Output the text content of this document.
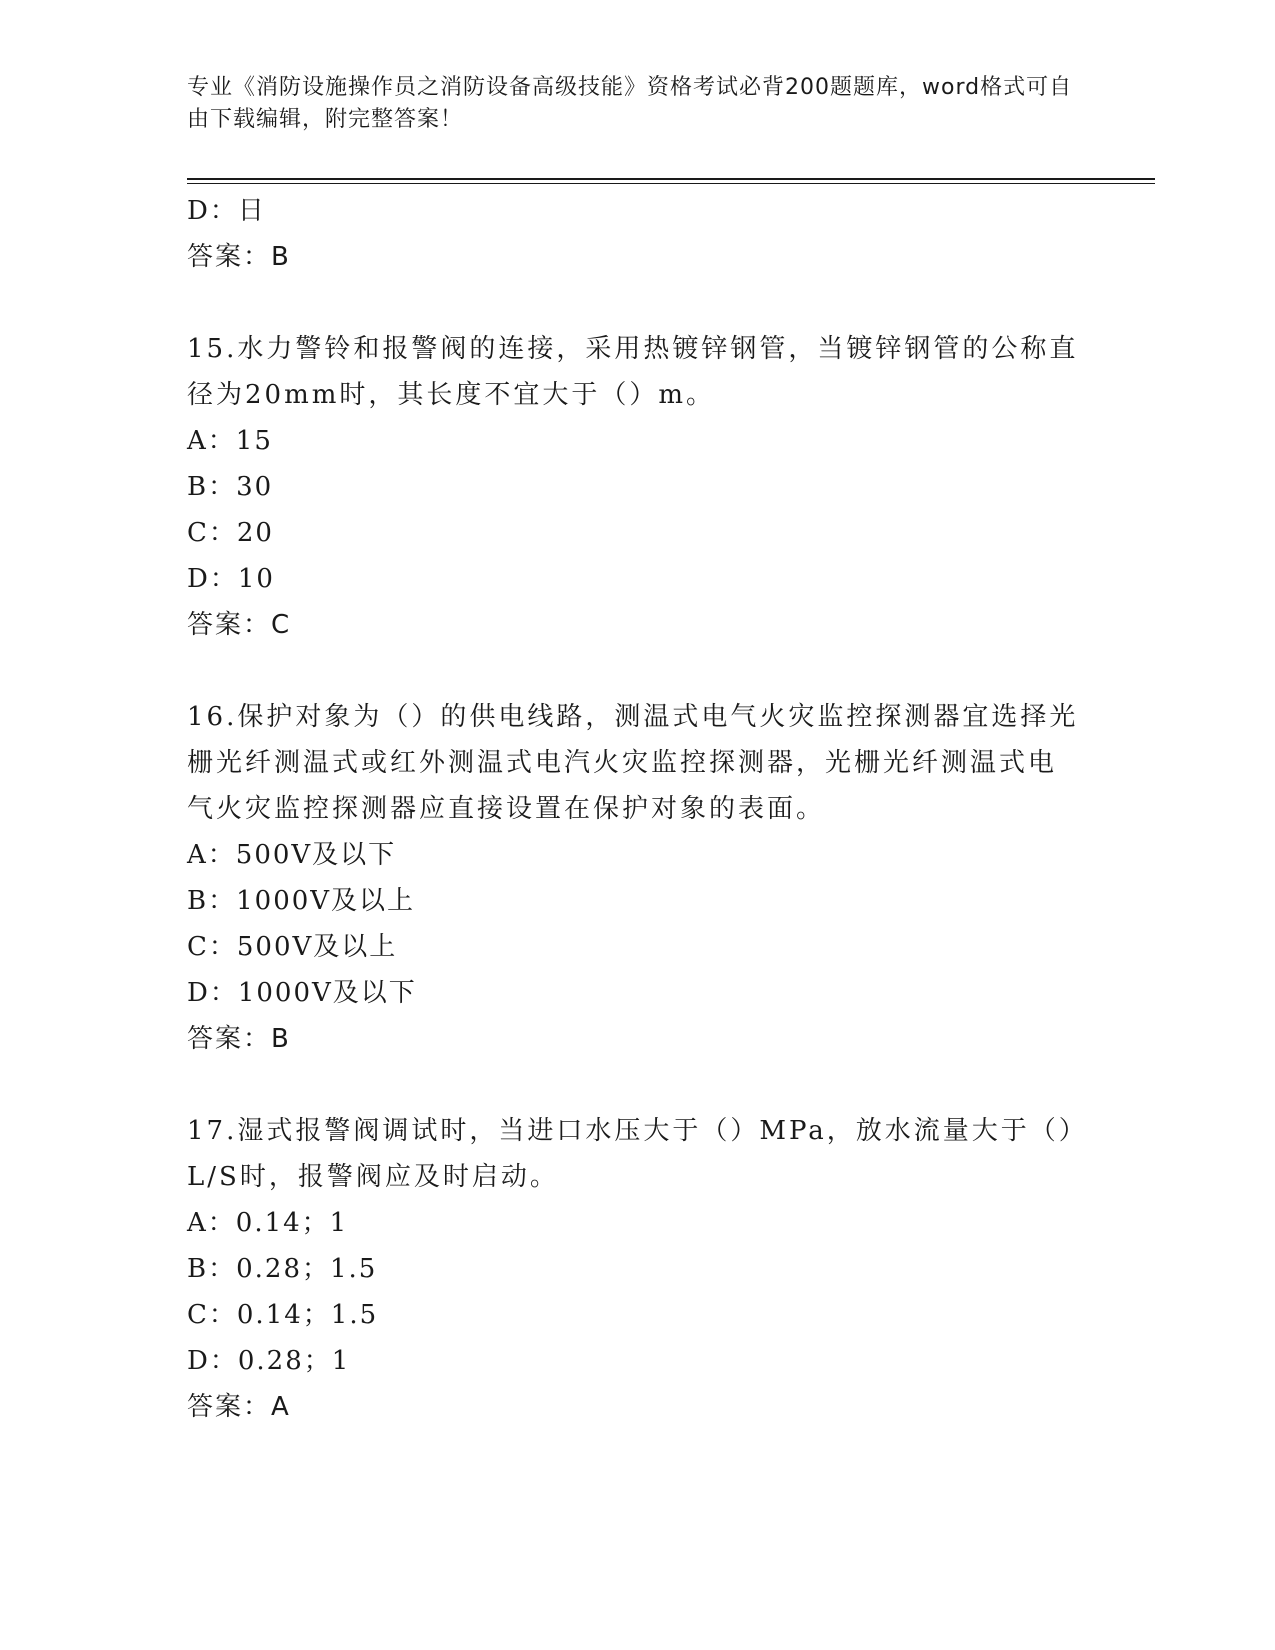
专业《消防设施操作员之消防设备高级技能》资格考试必背200题题库，word格式可自由下载编辑，附完整答案！
D：日
答案：B
15.水力警铃和报警阀的连接，采用热镀锌钢管，当镀锌钢管的公称直
径为20mm时，其长度不宜大于（）m。
A：15
B：30
C：20
D：10
答案：C
16.保护对象为（）的供电线路，测温式电气火灾监控探测器宜选择光
栅光纤测温式或红外测温式电汽火灾监控探测器，光栅光纤测温式电
气火灾监控探测器应直接设置在保护对象的表面。
A：500V及以下
B：1000V及以上
C：500V及以上
D：1000V及以下
答案：B
17.湿式报警阀调试时，当进口水压大于（）MPa，放水流量大于（）
L/S时，报警阀应及时启动。
A：0.14；1
B：0.28；1.5
C：0.14；1.5
D：0.28；1
答案：A
